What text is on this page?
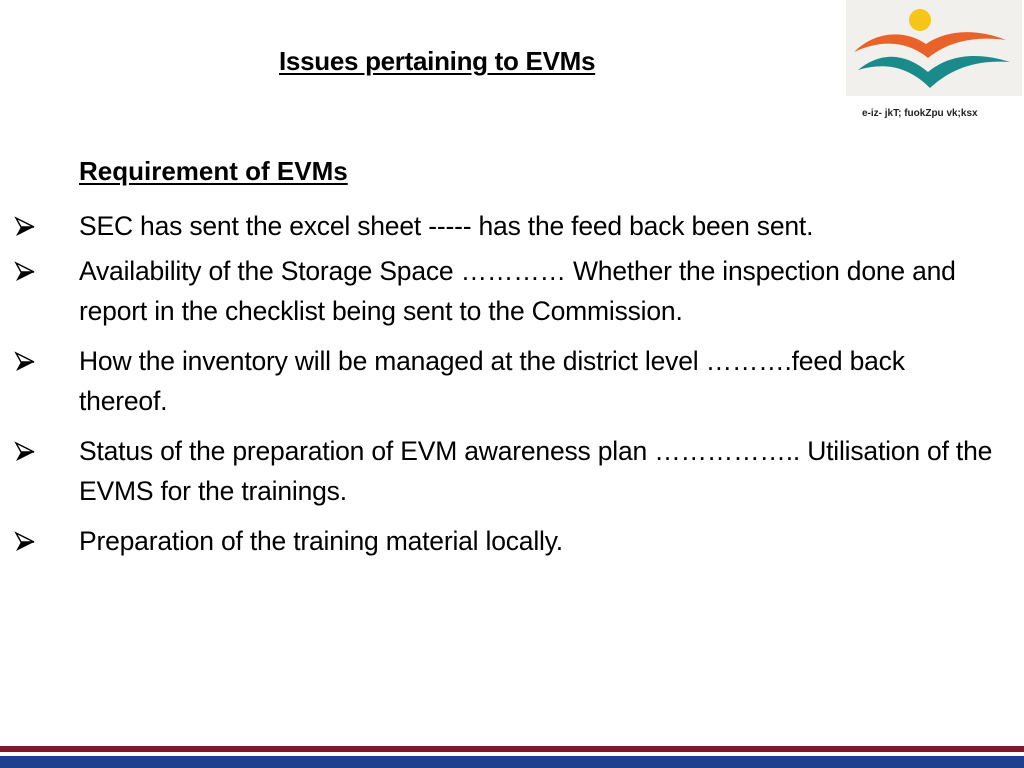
Issues pertaining to EVMs
e-iz- jkT; fuokZpu vk;ksx
Requirement of EVMs
SEC has sent the excel sheet ----- has the feed back been sent.
Availability of the Storage Space ………… Whether the inspection done and report in the checklist being sent to the Commission.
How the inventory will be managed at the district level ……….feed back thereof.
Status of the preparation of EVM awareness plan …………….. Utilisation of the EVMS for the trainings.
Preparation of the training material locally.
